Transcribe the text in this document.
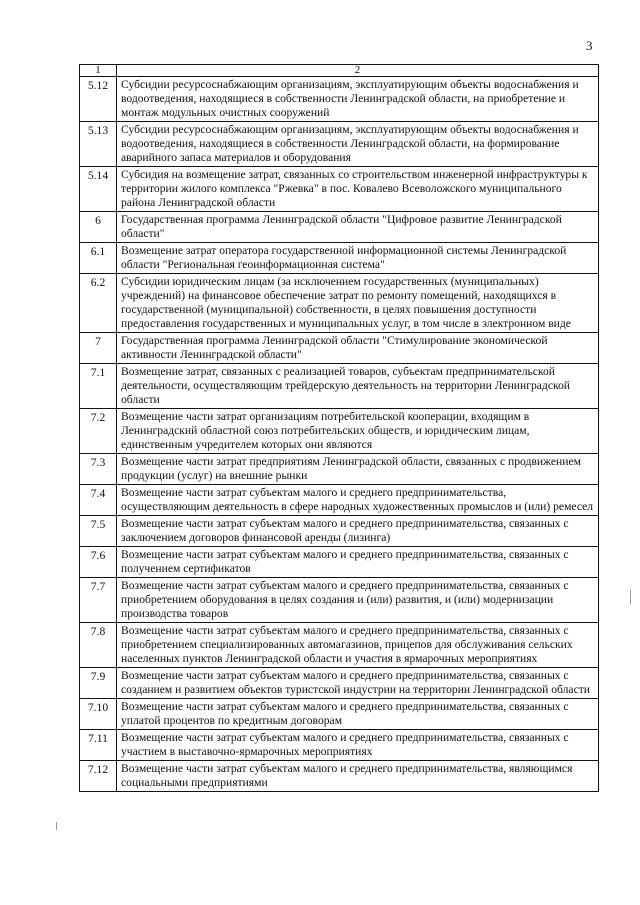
3
1	2
5.12	Субсидии ресурсоснабжающим организациям, эксплуатирующим объекты водоснабжения и водоотведения, находящиеся в собственности Ленинградской области, на приобретение и монтаж модульных очистных сооружений
5.13	Субсидии ресурсоснабжающим организациям, эксплуатирующим объекты водоснабжения и водоотведения, находящиеся в собственности Ленинградской области, на формирование аварийного запаса материалов и оборудования
5.14	Субсидия на возмещение затрат, связанных со строительством инженерной инфраструктуры к территории жилого комплекса "Ржевка" в пос. Ковалево Всеволожского муниципального района Ленинградской области
6	Государственная программа Ленинградской области "Цифровое развитие Ленинградской области"
6.1	Возмещение затрат оператора государственной информационной системы Ленинградской области "Региональная геоинформационная система"
6.2	Субсидии юридическим лицам (за исключением государственных (муниципальных) учреждений) на финансовое обеспечение затрат по ремонту помещений, находящихся в государственной (муниципальной) собственности, в целях повышения доступности предоставления государственных и муниципальных услуг, в том числе в электронном виде
7	Государственная программа Ленинградской области "Стимулирование экономической активности Ленинградской области"
7.1	Возмещение затрат, связанных с реализацией товаров, субъектам предпринимательской деятельности, осуществляющим трейдерскую деятельность на территории Ленинградской области
7.2	Возмещение части затрат организациям потребительской кооперации, входящим в Ленинградский областной союз потребительских обществ, и юридическим лицам, единственным учредителем которых они являются
7.3	Возмещение части затрат предприятиям Ленинградской области, связанных с продвижением продукции (услуг) на внешние рынки
7.4	Возмещение части затрат субъектам малого и среднего предпринимательства, осуществляющим деятельность в сфере народных художественных промыслов и (или) ремесел
7.5	Возмещение части затрат субъектам малого и среднего предпринимательства, связанных с заключением договоров финансовой аренды (лизинга)
7.6	Возмещение части затрат субъектам малого и среднего предпринимательства, связанных с получением сертификатов
7.7	Возмещение части затрат субъектам малого и среднего предпринимательства, связанных с приобретением оборудования в целях создания и (или) развития, и (или) модернизации производства товаров
7.8	Возмещение части затрат субъектам малого и среднего предпринимательства, связанных с приобретением специализированных автомагазинов, прицепов для обслуживания сельских населенных пунктов Ленинградской области и участия в ярмарочных мероприятиях
7.9	Возмещение части затрат субъектам малого и среднего предпринимательства, связанных с созданием и развитием объектов туристской индустрии на территории Ленинградской области
7.10	Возмещение части затрат субъектам малого и среднего предпринимательства, связанных с уплатой процентов по кредитным договорам
7.11	Возмещение части затрат субъектам малого и среднего предпринимательства, связанных с участием в выставочно-ярмарочных мероприятиях
7.12	Возмещение части затрат субъектам малого и среднего предпринимательства, являющимся социальными предприятиями
